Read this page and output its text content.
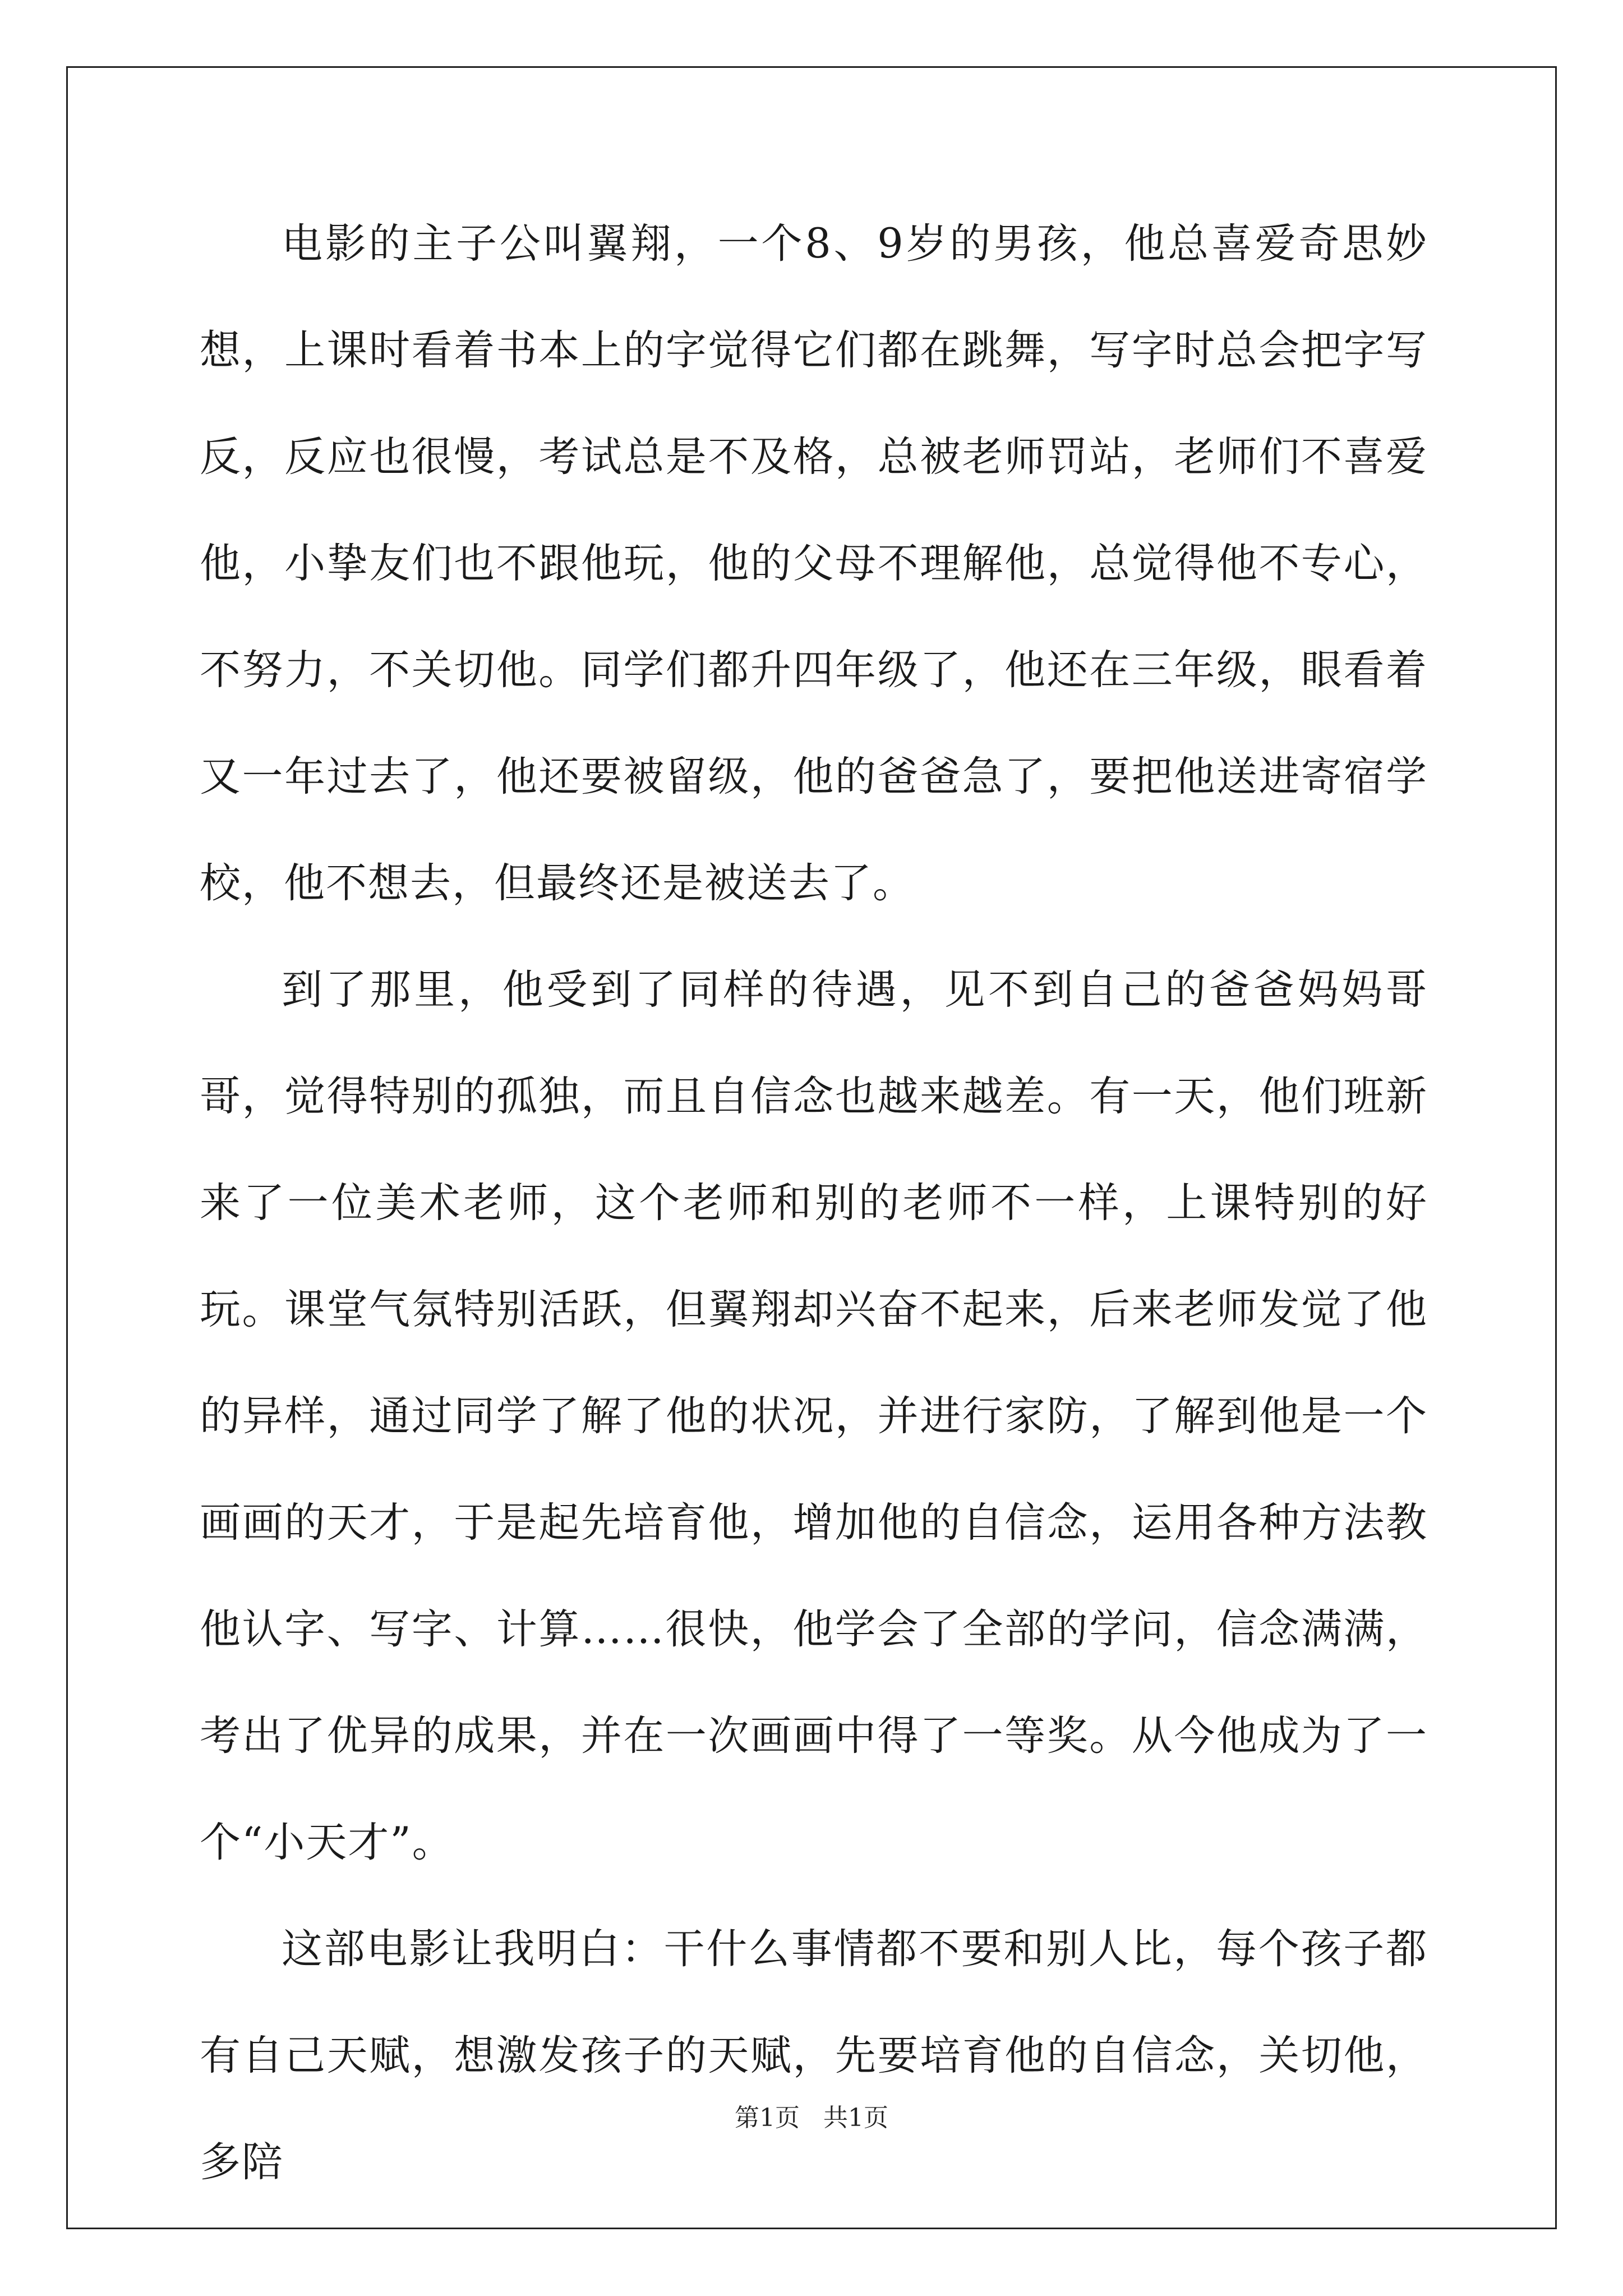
电影的主子公叫翼翔，一个8、9岁的男孩，他总喜爱奇思妙想，上课时看着书本上的字觉得它们都在跳舞，写字时总会把字写反，反应也很慢，考试总是不及格，总被老师罚站，老师们不喜爱他，小挚友们也不跟他玩，他的父母不理解他，总觉得他不专心，不努力，不关切他。同学们都升四年级了，他还在三年级，眼看着又一年过去了，他还要被留级，他的爸爸急了，要把他送进寄宿学校，他不想去，但最终还是被送去了。

到了那里，他受到了同样的待遇，见不到自己的爸爸妈妈哥哥，觉得特别的孤独，而且自信念也越来越差。有一天，他们班新来了一位美术老师，这个老师和别的老师不一样，上课特别的好玩。课堂气氛特别活跃，但翼翔却兴奋不起来，后来老师发觉了他的异样，通过同学了解了他的状况，并进行家防，了解到他是一个画画的天才，于是起先培育他，增加他的自信念，运用各种方法教他认字、写字、计算……很快，他学会了全部的学问，信念满满，考出了优异的成果，并在一次画画中得了一等奖。从今他成为了一个“小天才”。

这部电影让我明白：干什么事情都不要和别人比，每个孩子都有自己天赋，想激发孩子的天赋，先要培育他的自信念，关切他，多陪

第1页   共1页
